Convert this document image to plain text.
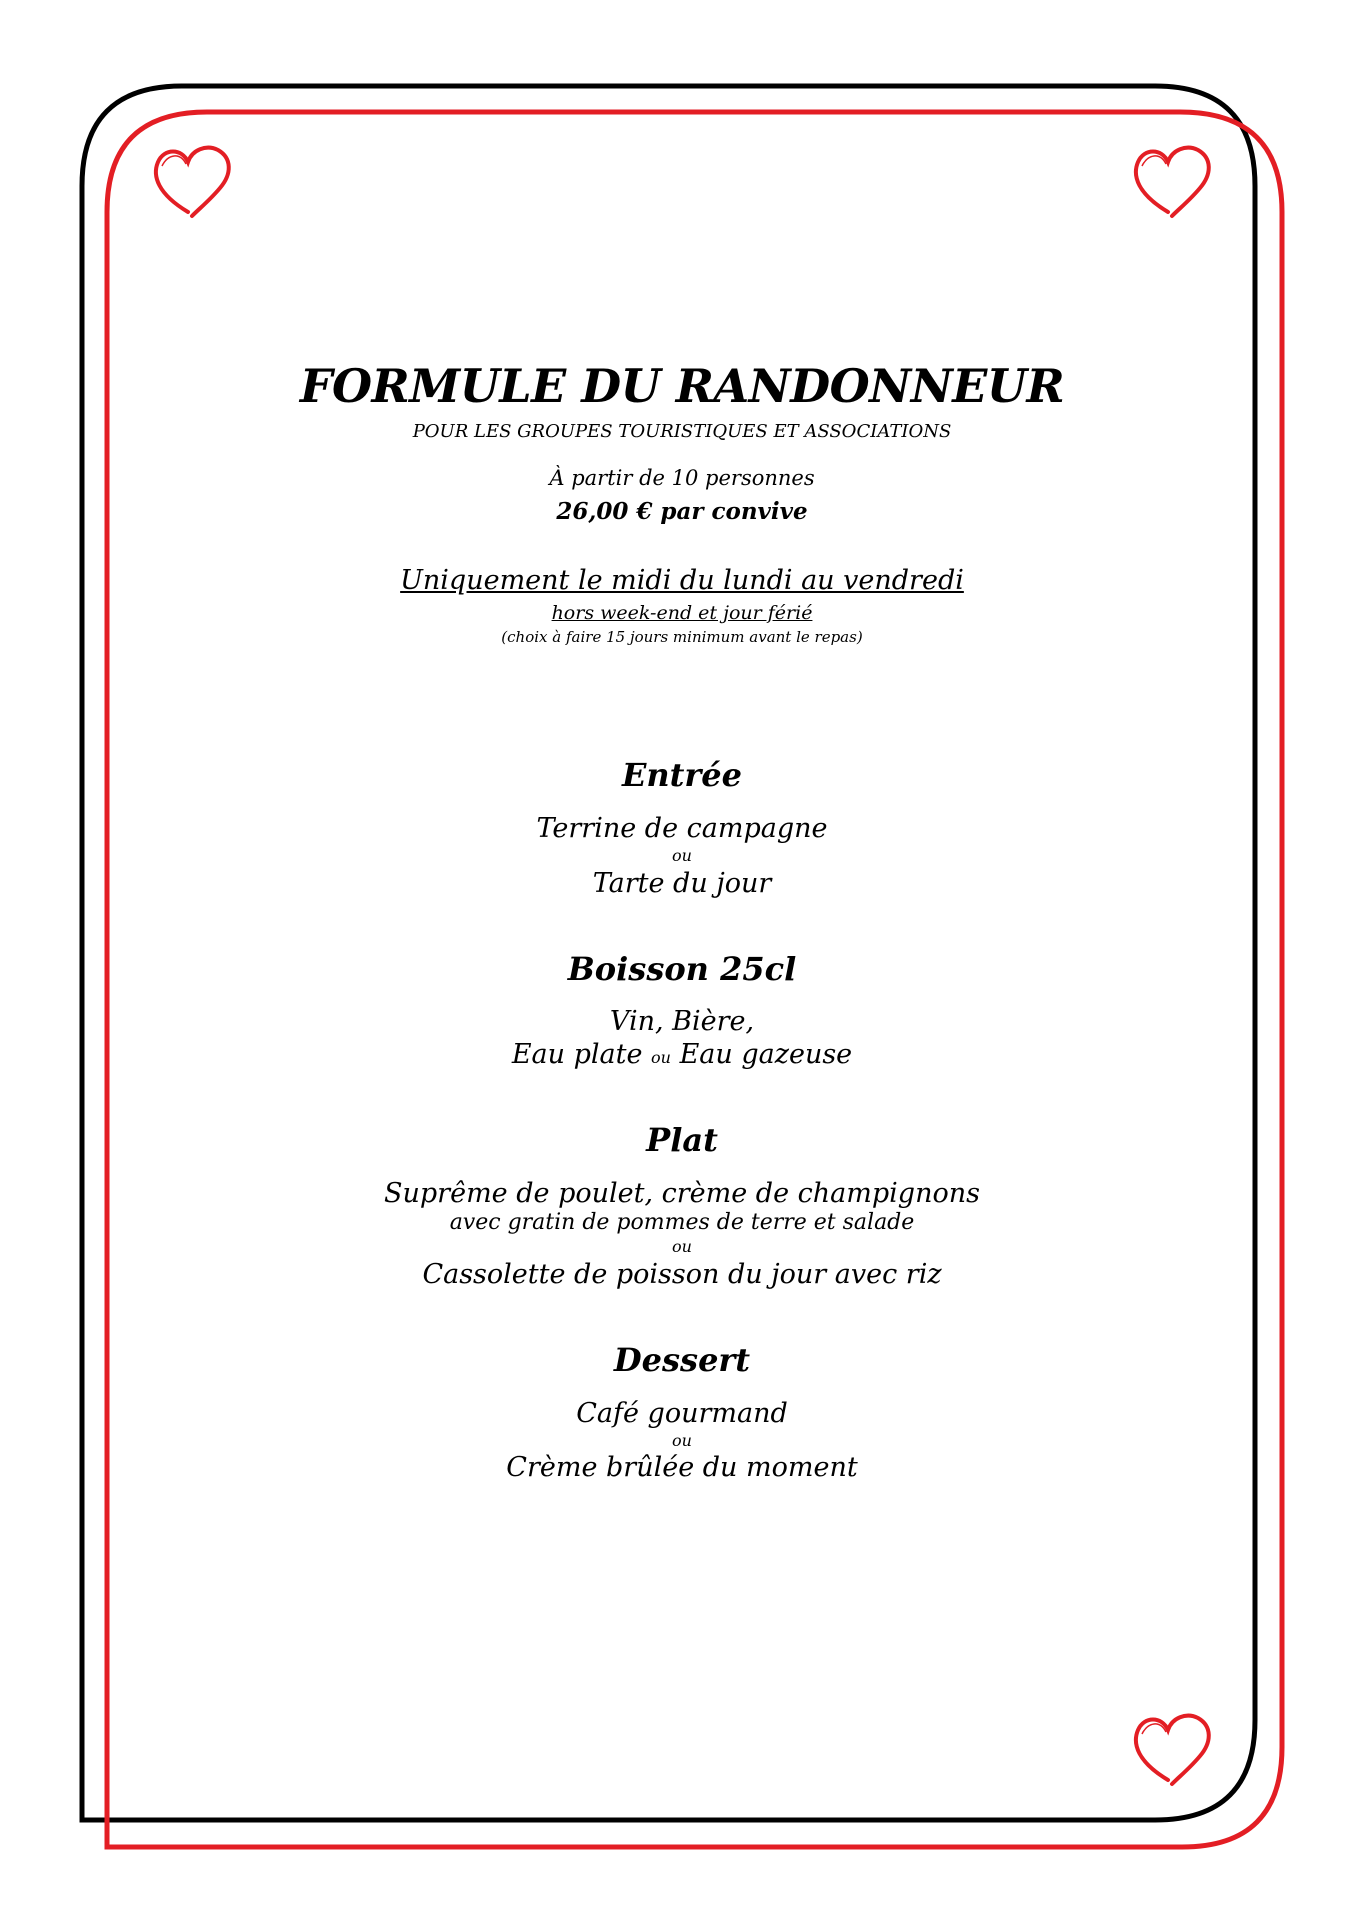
FORMULE DU RANDONNEUR
POUR LES GROUPES TOURISTIQUES ET ASSOCIATIONS
À partir de 10 personnes
26,00 € par convive
Uniquement le midi du lundi au vendredi
hors week-end et jour férié
(choix à faire 15 jours minimum avant le repas)
Entrée
Terrine de campagne
ou
Tarte du jour
Boisson 25cl
Vin, Bière,
Eau plate ou Eau gazeuse
Plat
Suprême de poulet, crème de champignons
avec gratin de pommes de terre et salade
ou
Cassolette de poisson du jour avec riz
Dessert
Café gourmand
ou
Crème brûlée du moment
